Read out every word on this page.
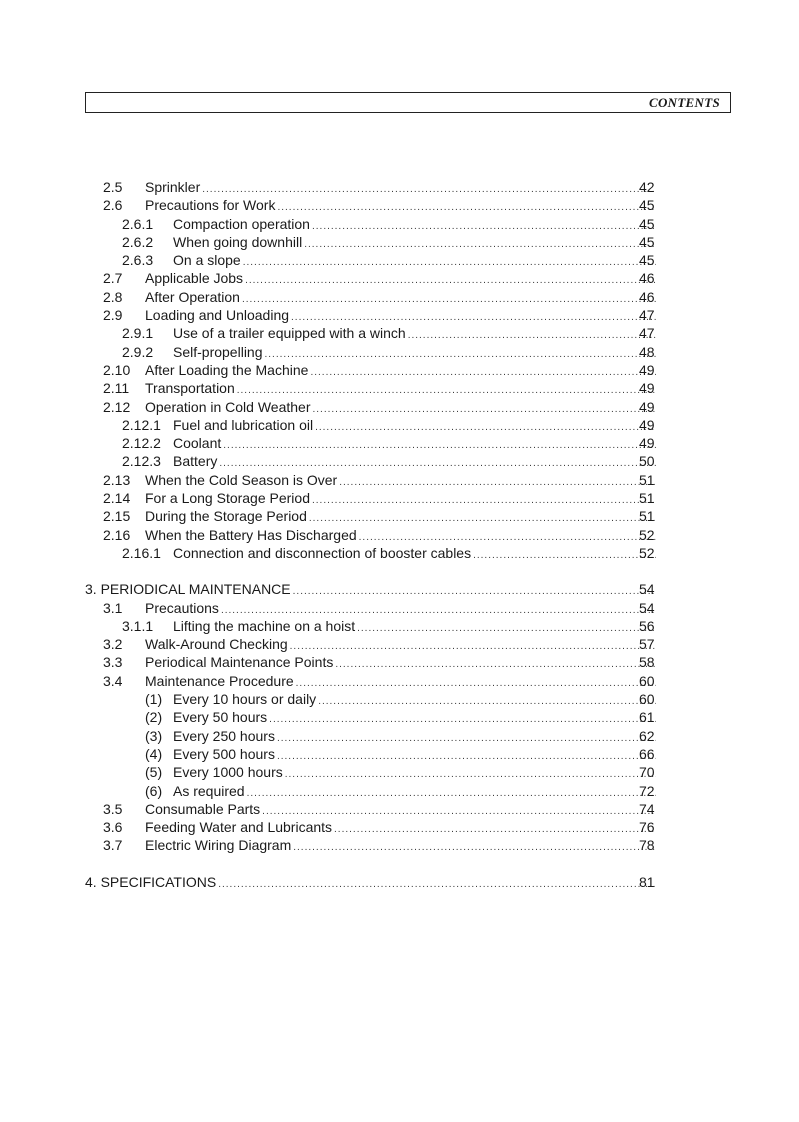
CONTENTS
2.5 Sprinkler .....	42
2.6 Precautions for Work .....	45
2.6.1 Compaction operation .....	45
2.6.2 When going downhill .....	45
2.6.3 On a slope .....	45
2.7 Applicable Jobs .....	46
2.8 After Operation .....	46
2.9 Loading and Unloading .....	47
2.9.1 Use of a trailer equipped with a winch .....	47
2.9.2 Self-propelling .....	48
2.10 After Loading the Machine .....	49
2.11 Transportation .....	49
2.12 Operation in Cold Weather .....	49
2.12.1 Fuel and lubrication oil .....	49
2.12.2 Coolant .....	49
2.12.3 Battery .....	50
2.13 When the Cold Season is Over .....	51
2.14 For a Long Storage Period .....	51
2.15 During the Storage Period .....	51
2.16 When the Battery Has Discharged .....	52
2.16.1 Connection and disconnection of booster cables .....	52
3. PERIODICAL MAINTENANCE .....	54
3.1 Precautions .....	54
3.1.1 Lifting the machine on a hoist .....	56
3.2 Walk-Around Checking .....	57
3.3 Periodical Maintenance Points .....	58
3.4 Maintenance Procedure .....	60
(1) Every 10 hours or daily .....	60
(2) Every 50 hours .....	61
(3) Every 250 hours .....	62
(4) Every 500 hours .....	66
(5) Every 1000 hours .....	70
(6) As required .....	72
3.5 Consumable Parts .....	74
3.6 Feeding Water and Lubricants .....	76
3.7 Electric Wiring Diagram .....	78
4. SPECIFICATIONS .....	81
